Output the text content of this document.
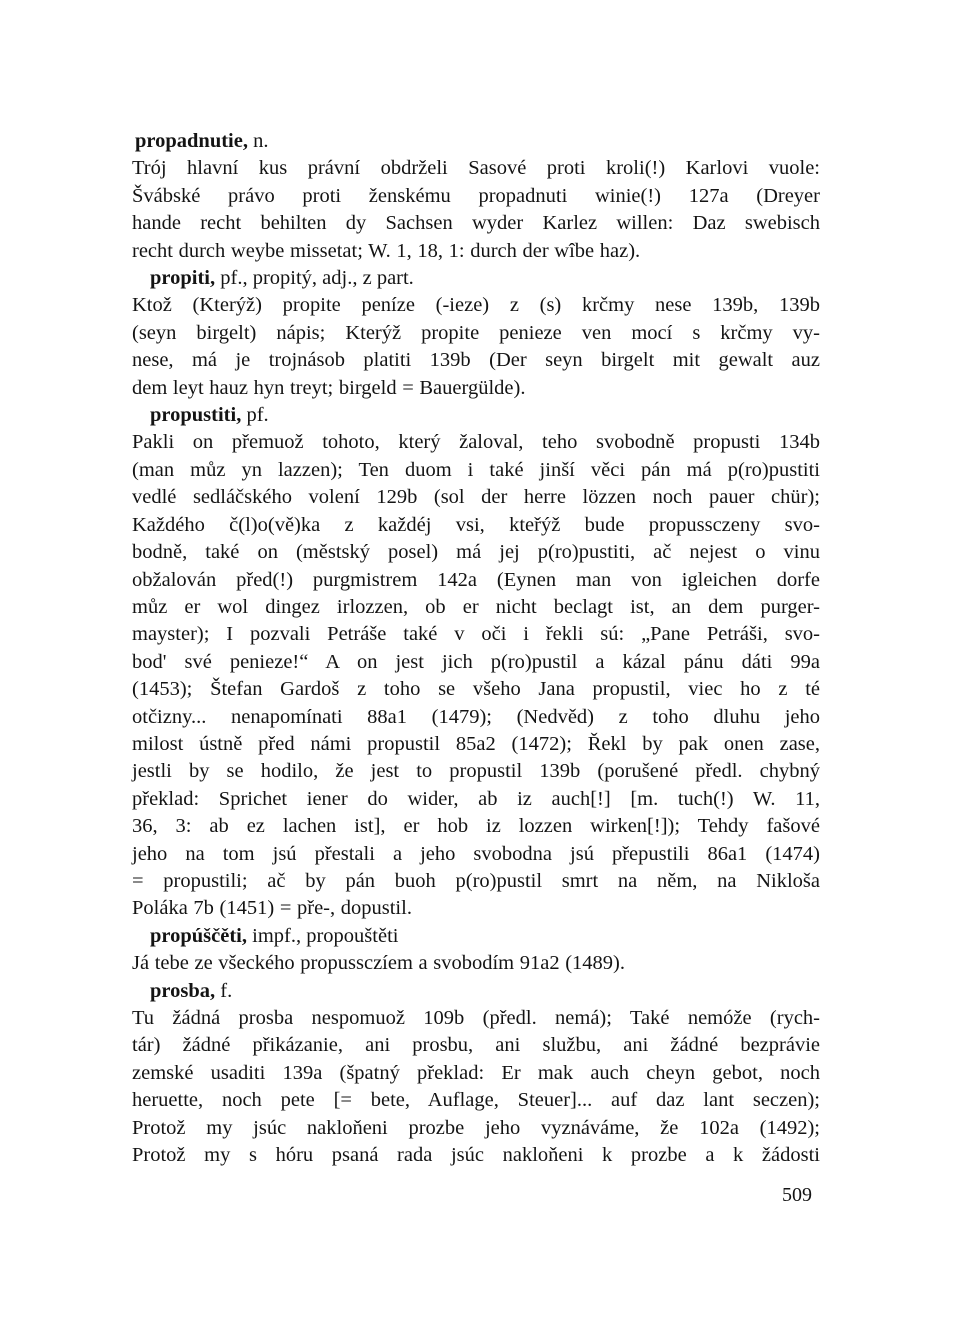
propadnutie, n.
Trój hlavní kus právní obdrželi Sasové proti kroli(!) Karlovi vuole:
Švábské právo proti ženskému propadnuti winie(!) 127a (Dreyer
hande recht behilten dy Sachsen wyder Karlez willen: Daz swebisch
recht durch weybe missetat; W. 1, 18, 1: durch der wîbe haz).
propiti, pf., propitý, adj., z part.
Ktož (Kterýž) propite peníze (-ieze) z (s) krčmy nese 139b, 139b
(seyn birgelt) nápis; Kterýž propite penieze ven mocí s krčmy vy-
nese, má je trojnásob platiti 139b (Der seyn birgelt mit gewalt auz
dem leyt hauz hyn treyt; birgeld = Bauergülde).
propustiti, pf.
Pakli on přemuož tohoto, který žaloval, teho svobodně propusti 134b
(man můz yn lazzen); Ten duom i také jinší věci pán má p(ro)pustiti
vedlé sedláčského volení 129b (sol der herre lözzen noch pauer chür);
Každého č(l)o(vě)ka z každéj vsi, kteřýž bude propussczeny svo-
bodně, také on (městský posel) má jej p(ro)pustiti, ač nejest o vinu
obžalován před(!) purgmistrem 142a (Eynen man von igleichen dorfe
můz er wol dingez irlozzen, ob er nicht beclagt ist, an dem purger-
mayster); I pozvali Petráše také v oči i řekli sú: „Pane Petráši, svo-
bod' své penieze!“ A on jest jich p(ro)pustil a kázal pánu dáti 99a
(1453); Štefan Gardoš z toho se všeho Jana propustil, viec ho z té
otčizny... nenapomínati 88a1 (1479); (Nedvěd) z toho dluhu jeho
milost ústně před námi propustil 85a2 (1472); Řekl by pak onen zase,
jestli by se hodilo, že jest to propustil 139b (porušené předl. chybný
překlad: Sprichet iener do wider, ab iz auch[!] [m. tuch(!) W. 11,
36, 3: ab ez lachen ist], er hob iz lozzen wirken[!]); Tehdy fašové
jeho na tom jsú přestali a jeho svobodna jsú přepustili 86a1 (1474)
= propustili; ač by pán buoh p(ro)pustil smrt na něm, na Nikloša
Poláka 7b (1451) = pře-, dopustil.
propúščěti, impf., propouštěti
Já tebe ze všeckého propussczíem a svobodím 91a2 (1489).
prosba, f.
Tu žádná prosba nespomuož 109b (předl. nemá); Také nemóže (rych-
tár) žádné přikázanie, ani prosbu, ani službu, ani žádné bezprávie
zemské usaditi 139a (špatný překlad: Er mak auch cheyn gebot, noch
heruette, noch pete [= bete, Auflage, Steuer]... auf daz lant seczen);
Protož my jsúc nakloňeni prozbe jeho vyznáváme, že 102a (1492);
Protož my s hóru psaná rada jsúc nakloňeni k prozbe a k žádosti
509
